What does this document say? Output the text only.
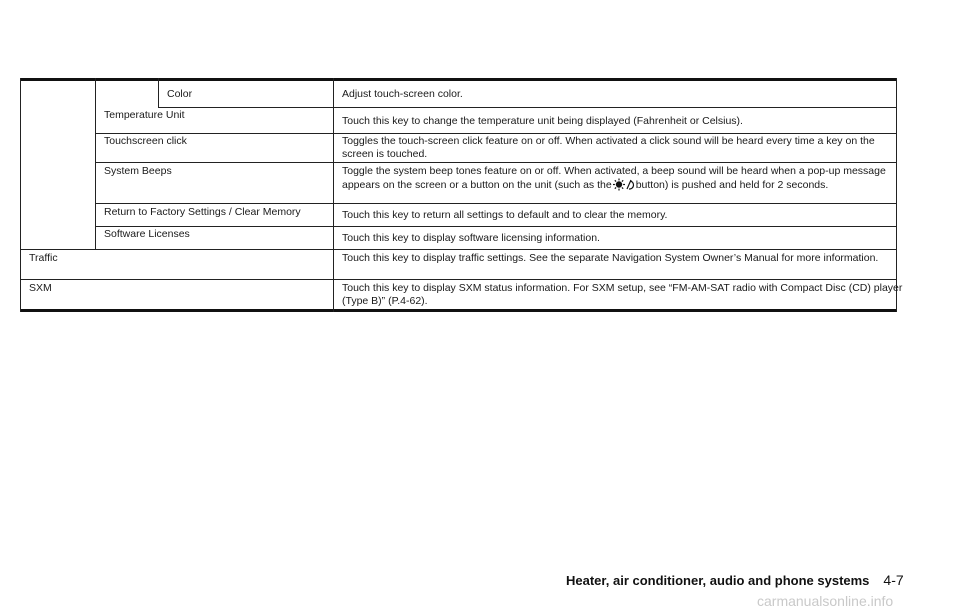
Color	Adjust touch-screen color.
Temperature Unit	Touch this key to change the temperature unit being displayed (Fahrenheit or Celsius).
Touchscreen click	Toggles the touch-screen click feature on or off. When activated a click sound will be heard every time a key on the screen is touched.
System Beeps	Toggle the system beep tones feature on or off. When activated, a beep sound will be heard when a pop-up message appears on the screen or a button on the unit (such as the button) is pushed and held for 2 seconds.
Return to Factory Settings / Clear Memory	Touch this key to return all settings to default and to clear the memory.
Software Licenses	Touch this key to display software licensing information.
Traffic	Touch this key to display traffic settings. See the separate Navigation System Owner’s Manual for more information.
SXM	Touch this key to display SXM status information. For SXM setup, see “FM-AM-SAT radio with Compact Disc (CD) player (Type B)” (P.4-62).
Heater, air conditioner, audio and phone systems 4-7
carmanualsonline.info
